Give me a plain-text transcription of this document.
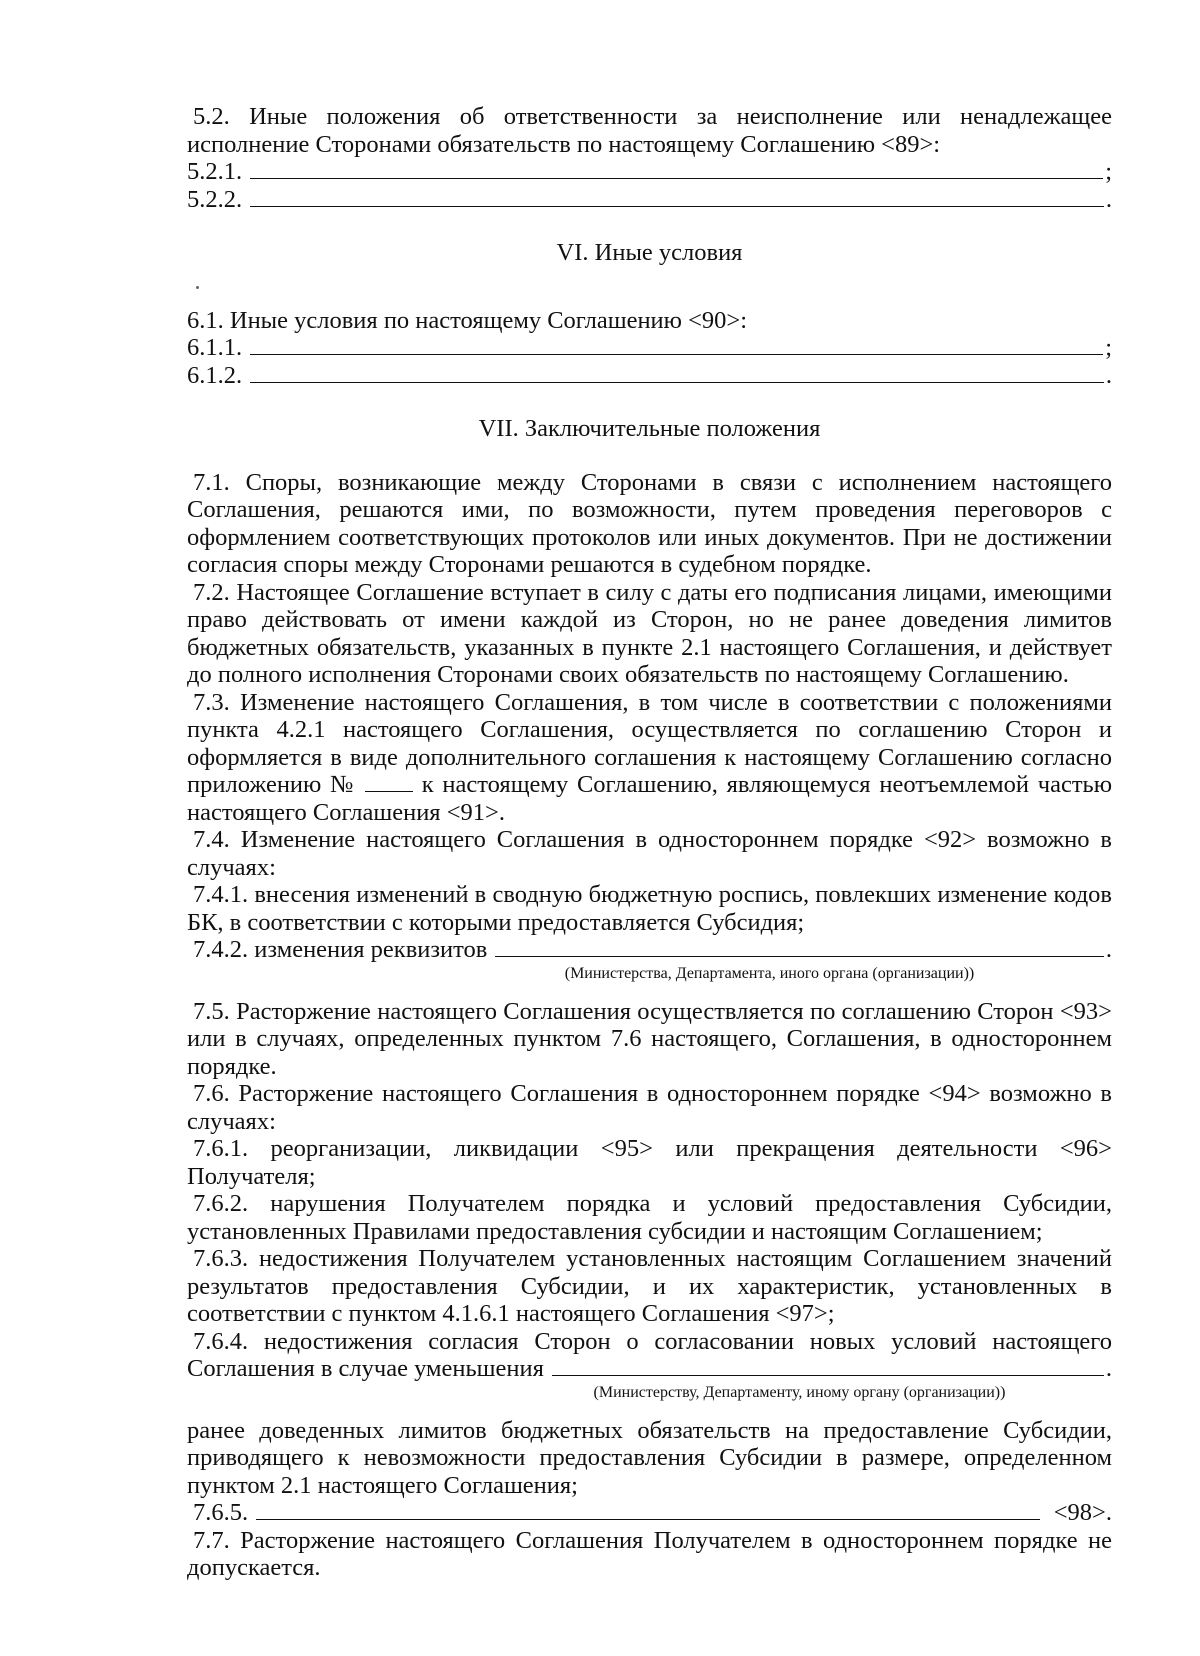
5.2. Иные положения об ответственности за неисполнение или ненадлежащее исполнение Сторонами обязательств по настоящему Соглашению <89>:

5.2.1.	;
5.2.2.	.

VI. Иные условия

6.1. Иные условия по настоящему Соглашению <90>:

6.1.1.	;
6.1.2.	.

VII. Заключительные положения

7.1. Споры, возникающие между Сторонами в связи с исполнением настоящего Соглашения, решаются ими, по возможности, путем проведения переговоров с оформлением соответствующих протоколов или иных документов. При не достижении согласия споры между Сторонами решаются в судебном порядке.

7.2. Настоящее Соглашение вступает в силу с даты его подписания лицами, имеющими право действовать от имени каждой из Сторон, но не ранее доведения лимитов бюджетных обязательств, указанных в пункте 2.1 настоящего Соглашения, и действует до полного исполнения Сторонами своих обязательств по настоящему Соглашению.

7.3. Изменение настоящего Соглашения, в том числе в соответствии с положениями пункта 4.2.1 настоящего Соглашения, осуществляется по соглашению Сторон и оформляется в виде дополнительного соглашения к настоящему Соглашению согласно приложению №	к настоящему Соглашению, являющемуся неотъемлемой частью настоящего Соглашения <91>.

7.4. Изменение настоящего Соглашения в одностороннем порядке <92> возможно в случаях:

7.4.1. внесения изменений в сводную бюджетную роспись, повлекших изменение кодов БК, в соответствии с которыми предоставляется Субсидия;

7.4.2. изменения реквизитов	.

(Министерства, Департамента, иного органа (организации))

7.5. Расторжение настоящего Соглашения осуществляется по соглашению Сторон <93> или в случаях, определенных пунктом 7.6 настоящего, Соглашения, в одностороннем порядке.

7.6. Расторжение настоящего Соглашения в одностороннем порядке <94> возможно в случаях:

7.6.1. реорганизации, ликвидации <95> или прекращения деятельности <96> Получателя;

7.6.2. нарушения Получателем порядка и условий предоставления Субсидии, установленных Правилами предоставления субсидии и настоящим Соглашением;

7.6.3. недостижения Получателем установленных настоящим Соглашением значений результатов предоставления Субсидии, и их характеристик, установленных в соответствии с пунктом 4.1.6.1 настоящего Соглашения <97>;

7.6.4. недостижения согласия Сторон о согласовании новых условий настоящего

Соглашения в случае уменьшения	.

(Министерству, Департаменту, иному органу (организации))

ранее доведенных лимитов бюджетных обязательств на предоставление Субсидии, приводящего к невозможности предоставления Субсидии в размере, определенном пунктом 2.1 настоящего Соглашения;

7.6.5.	<98>.

7.7. Расторжение настоящего Соглашения Получателем в одностороннем порядке не допускается.
